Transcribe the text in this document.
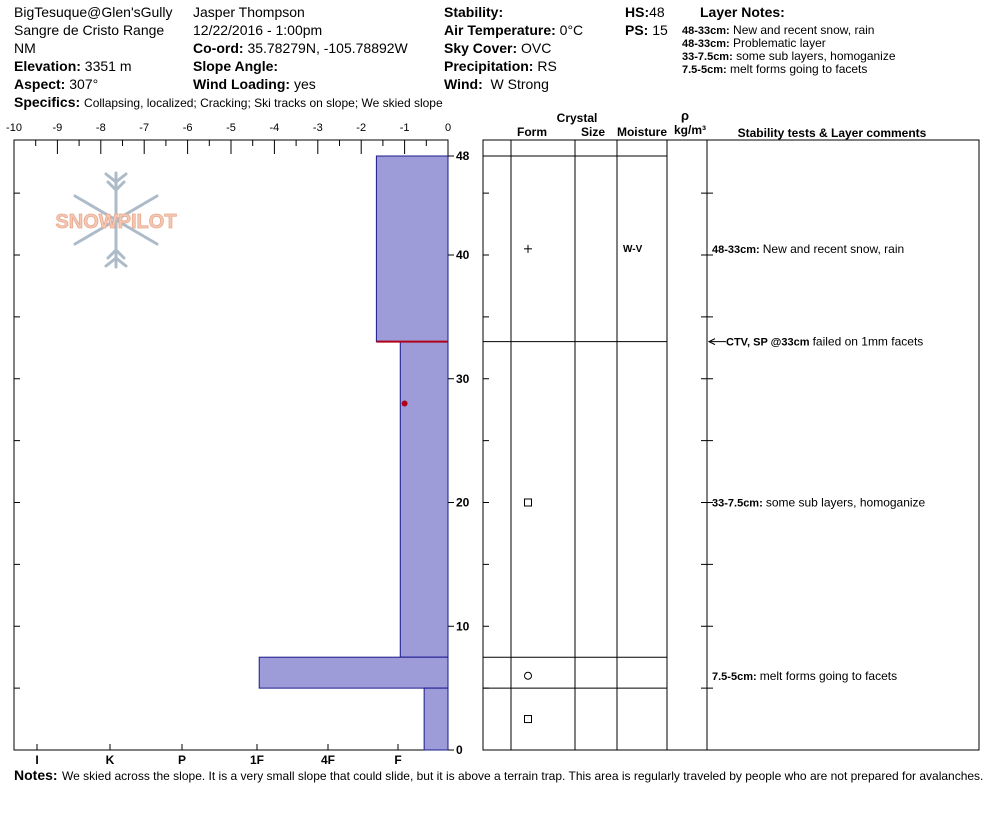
BigTesuque@Glen'sGully
Sangre de Cristo Range
NM
Elevation: 3351 m
Aspect: 307°
Jasper Thompson
12/22/2016 - 1:00pm
Co-ord: 35.78279N, -105.78892W
Slope Angle:
Wind Loading: yes
Stability:
Air Temperature: 0°C
Sky Cover: OVC
Precipitation: RS
Wind: W Strong
HS:48
PS: 15
Layer Notes:
48-33cm: New and recent snow, rain
48-33cm: Problematic layer
33-7.5cm: some sub layers, homoganize
7.5-5cm: melt forms going to facets
Specifics: Collapsing, localized; Cracking; Ski tracks on slope; We skied slope
SNOWPILOT
-10	-9	-8	-7	-6	-5	-4	-3	-2	-1	0
0
10
20
30
40
48
I	K	P	1F	4F	F
W-V	48-33cm: New and recent snow, rain
33-7.5cm: some sub layers, homoganize
7.5-5cm: melt forms going to facets
CTV, SP @33cm failed on 1mm facets
Crystal
Form	Size Moisture
ρ
kg/m³	Stability tests & Layer comments
Notes: We skied across the slope. It is a very small slope that could slide, but it is above a terrain trap. This area is regularly traveled by people who are not prepared for avalanches.
